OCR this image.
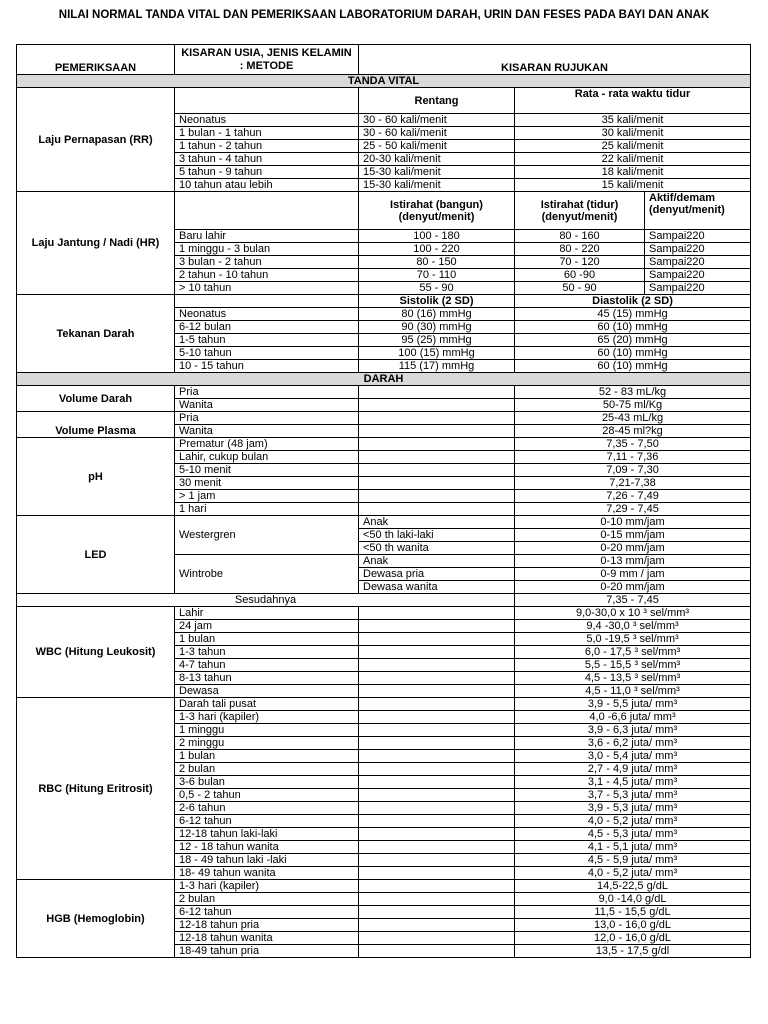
NILAI NORMAL TANDA VITAL DAN PEMERIKSAAN LABORATORIUM DARAH, URIN DAN FESES PADA BAYI DAN ANAK
PEMERIKSAAN	KISARAN USIA, JENIS KELAMIN : METODE	KISARAN RUJUKAN		
TANDA VITAL				
Laju Pernapasan (RR)		Rentang	Rata - rata waktu tidur	
	Neonatus	30 - 60 kali/menit	35 kali/menit	
	1 bulan - 1 tahun	30 - 60 kali/menit	30 kali/menit	
	1 tahun - 2 tahun	25 - 50 kali/menit	25 kali/menit	
	3 tahun - 4 tahun	20-30 kali/menit	22 kali/menit	
	5 tahun - 9 tahun	15-30 kali/menit	18 kali/menit	
	10 tahun atau lebih	15-30 kali/menit	15 kali/menit	
Laju Jantung / Nadi (HR)		Istirahat (bangun) (denyut/menit)	Istirahat (tidur) (denyut/menit)	Aktif/demam (denyut/menit)
	Baru lahir	100 - 180	80 - 160	Sampai220
	1 minggu - 3 bulan	100 - 220	80 - 220	Sampai220
	3 bulan - 2 tahun	80 - 150	70 - 120	Sampai220
	2 tahun - 10 tahun	70 - 110	60 -90	Sampai220
	> 10 tahun	55 - 90	50 - 90	Sampai220
Tekanan Darah		Sistolik (2 SD)	Diastolik (2 SD)	
	Neonatus	80 (16) mmHg	45 (15) mmHg	
	6-12 bulan	90 (30) mmHg	60 (10) mmHg	
	1-5 tahun	95 (25) mmHg	65 (20) mmHg	
	5-10 tahun	100 (15) mmHg	60 (10) mmHg	
	10 - 15 tahun	115 (17) mmHg	60 (10) mmHg	
DARAH				
Volume Darah	Pria		52 - 83 mL/kg	
	Wanita		50-75 ml/Kg	
Volume Plasma	Pria		25-43 mL/kg	
	Wanita		28-45 ml?kg	
pH	Prematur (48 jam)		7,35 - 7,50	
	Lahir, cukup bulan		7,11 - 7,36	
	5-10 menit		7,09 - 7,30	
	30 menit		7,21-7,38	
	> 1 jam		7,26 - 7,49	
	1 hari		7,29 - 7,45	
LED	Westergren	Anak	0-10 mm/jam	
		<50 th laki-laki	0-15 mm/jam	
		<50 th wanita	0-20 mm/jam	
	Wintrobe	Anak	0-13 mm/jam	
		Dewasa pria	0-9 mm / jam	
		Dewasa wanita	0-20 mm/jam	
Sesudahnya			7,35 - 7,45	
WBC (Hitung Leukosit)	Lahir		9,0-30,0 x 10 ³ sel/mm³	
	24 jam		9,4 -30,0 ³ sel/mm³	
	1 bulan		5,0 -19,5 ³ sel/mm³	
	1-3 tahun		6,0 - 17,5 ³ sel/mm³	
	4-7 tahun		5,5 - 15,5 ³ sel/mm³	
	8-13 tahun		4,5 - 13,5 ³ sel/mm³	
	Dewasa		4,5 - 11,0 ³ sel/mm³	
RBC (Hitung Eritrosit)	Darah tali pusat		3,9 - 5,5 juta/ mm³	
	1-3 hari (kapiler)		4,0 -6,6 juta/ mm³	
	1 minggu		3,9 - 6,3 juta/ mm³	
	2 minggu		3,6 - 6,2 juta/ mm³	
	1 bulan		3,0 - 5,4 juta/ mm³	
	2 bulan		2,7 - 4,9 juta/ mm³	
	3-6 bulan		3,1 - 4,5 juta/ mm³	
	0,5 - 2 tahun		3,7 - 5,3 juta/ mm³	
	2-6 tahun		3,9 - 5,3 juta/ mm³	
	6-12 tahun		4,0 - 5,2 juta/ mm³	
	12-18 tahun laki-laki		4,5 - 5,3 juta/ mm³	
	12 - 18 tahun wanita		4,1 - 5,1 juta/ mm³	
	18 - 49 tahun laki -laki		4,5 - 5,9 juta/ mm³	
	18- 49 tahun wanita		4,0 - 5,2 juta/ mm³	
HGB (Hemoglobin)	1-3 hari (kapiler)		14,5-22,5 g/dL	
	2 bulan		9,0 -14,0 g/dL	
	6-12 tahun		11,5 - 15,5 g/dL	
	12-18 tahun pria		13,0 - 16,0 g/dL	
	12-18 tahun wanita		12,0 - 16,0 g/dL	
	18-49 tahun pria		13,5 - 17,5 g/dl	
